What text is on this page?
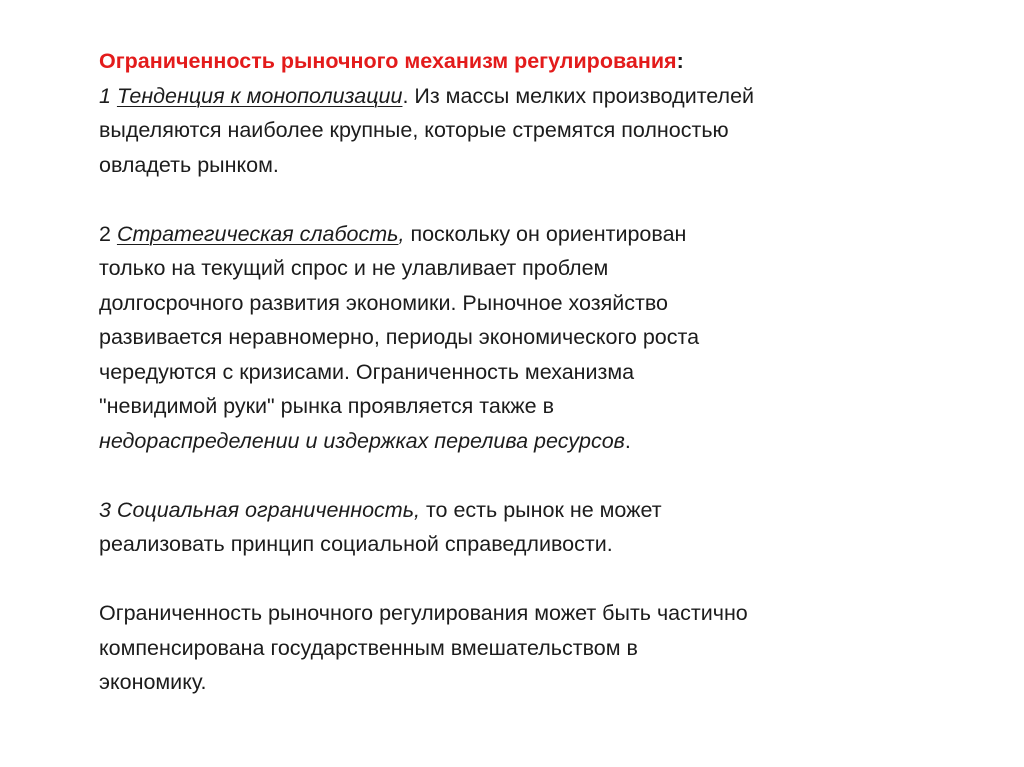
Ограниченность рыночного механизм регулирования:

1 Тенденция к монополизации. Из массы мелких производителей

выделяются наиболее крупные, которые стремятся полностью

овладеть рынком.

2 Стратегическая слабость, поскольку он ориентирован

только на текущий спрос и не улавливает проблем

долгосрочного развития экономики. Рыночное хозяйство

развивается неравномерно, периоды экономического роста

чередуются с кризисами. Ограниченность механизма

"невидимой руки" рынка проявляется также в

недораспределении и издержках перелива ресурсов.

3 Социальная ограниченность, то есть рынок не может

реализовать принцип социальной справедливости.

Ограниченность рыночного регулирования может быть частично

компенсирована государственным вмешательством в

экономику.
